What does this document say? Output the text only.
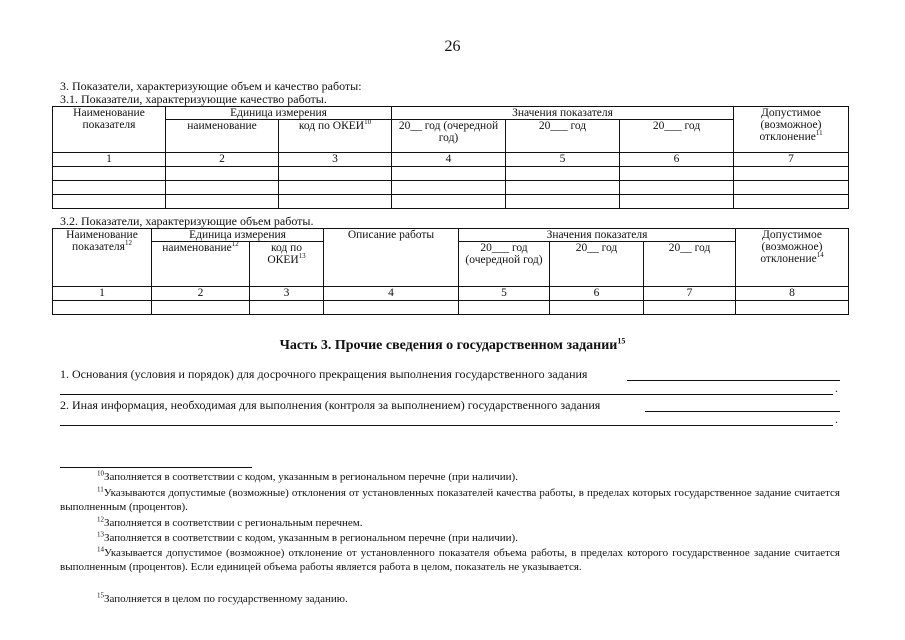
26
3. Показатели, характеризующие объем и качество работы:
3.1. Показатели, характеризующие качество работы.
Наименование показателя	Единица измерения		Значения показателя			Допустимое (возможное) отклонение$^{11}$
	наименование	код по ОКЕИ$^{10}$	20__ год (очередной год)	20___ год	20___ год	
1	2	3	4	5	6	7

3.2. Показатели, характеризующие объем работы.
Наименование показателя$^{12}$	Единица измерения		Описание работы	Значения показателя			Допустимое (возможное) отклонение$^{14}$
	наименование$^{12}$	код по ОКЕИ$^{13}$		20___ год (очередной год)	20__ год	20__ год	
1	2	3	4	5	6	7	8

Часть 3. Прочие сведения о государственном задании$^{15}$
1. Основания (условия и порядок) для досрочного прекращения выполнения государственного задания
.
2. Иная информация, необходимая для выполнения (контроля за выполнением) государственного задания
.
$^{10}$Заполняется в соответствии с кодом, указанным в региональном перечне (при наличии).
$^{11}$Указываются допустимые (возможные) отклонения от установленных показателей качества работы, в пределах которых государственное задание считается выполненным (процентов).
$^{12}$Заполняется в соответствии с региональным перечнем.
$^{13}$Заполняется в соответствии с кодом, указанным в региональном перечне (при наличии).
$^{14}$Указывается допустимое (возможное) отклонение от установленного показателя объема работы, в пределах которого государственное задание считается выполненным (процентов). Если единицей объема работы является работа в целом, показатель не указывается.
$^{15}$Заполняется в целом по государственному заданию.
